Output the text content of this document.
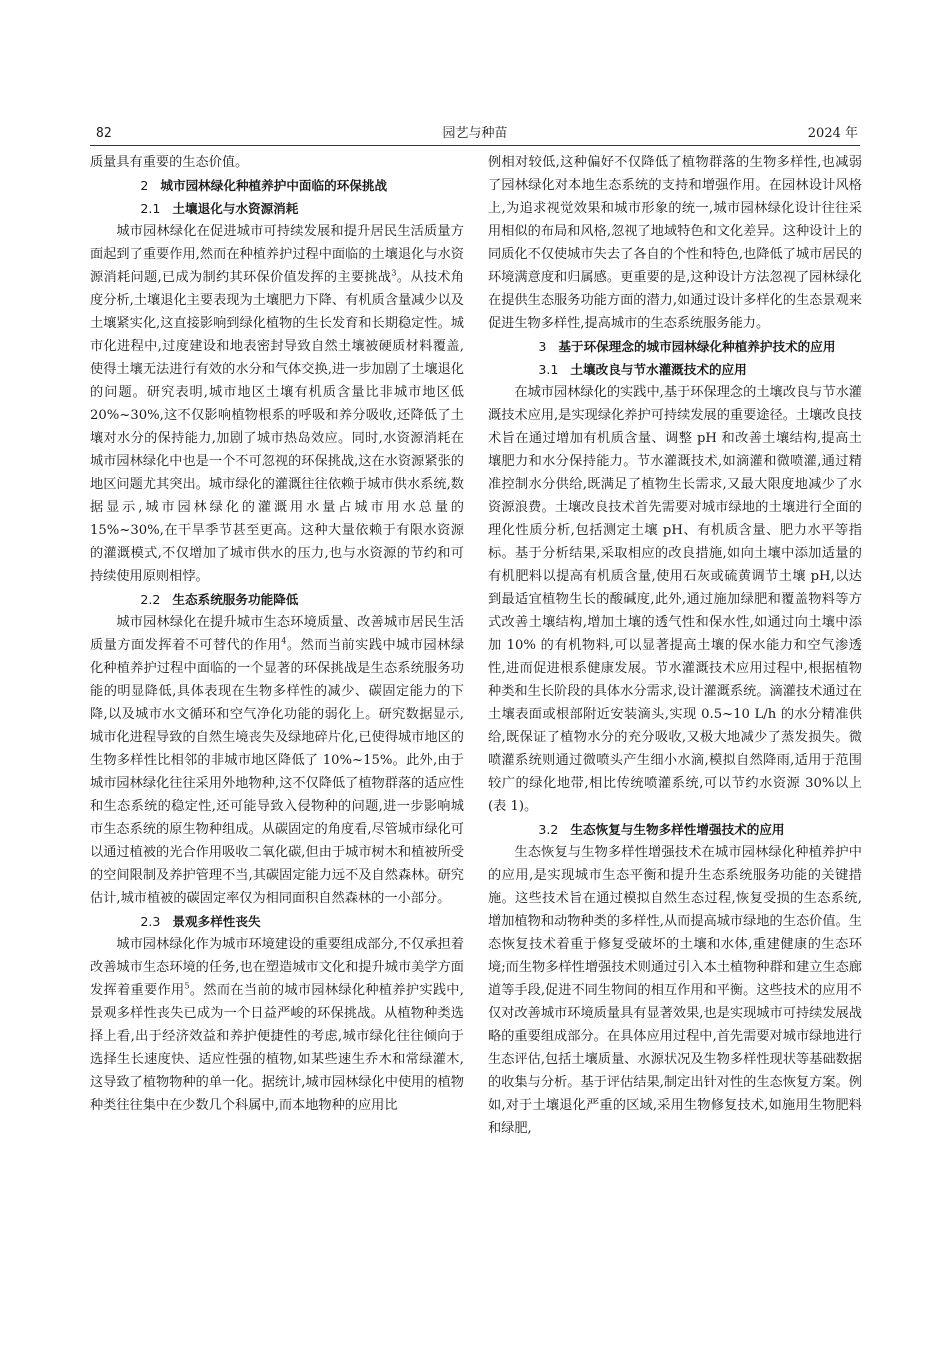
82	园艺与种苗	2024 年

质量具有重要的生态价值。

2 城市园林绿化种植养护中面临的环保挑战

2.1 土壤退化与水资源消耗

城市园林绿化在促进城市可持续发展和提升居民生活质量方面起到了重要作用,然而在种植养护过程中面临的土壤退化与水资源消耗问题,已成为制约其环保价值发挥的主要挑战$^3$。从技术角度分析,土壤退化主要表现为土壤肥力下降、有机质含量减少以及土壤紧实化,这直接影响到绿化植物的生长发育和长期稳定性。城市化进程中,过度建设和地表密封导致自然土壤被硬质材料覆盖,使得土壤无法进行有效的水分和气体交换,进一步加剧了土壤退化的问题。研究表明,城市地区土壤有机质含量比非城市地区低 20%~30%,这不仅影响植物根系的呼吸和养分吸收,还降低了土壤对水分的保持能力,加剧了城市热岛效应。同时,水资源消耗在城市园林绿化中也是一个不可忽视的环保挑战,这在水资源紧张的地区问题尤其突出。城市绿化的灌溉往往依赖于城市供水系统,数据显示,城市园林绿化的灌溉用水量占城市用水总量的 15%~30%,在干旱季节甚至更高。这种大量依赖于有限水资源的灌溉模式,不仅增加了城市供水的压力,也与水资源的节约和可持续使用原则相悖。

2.2 生态系统服务功能降低

城市园林绿化在提升城市生态环境质量、改善城市居民生活质量方面发挥着不可替代的作用$^4$。然而当前实践中城市园林绿化种植养护过程中面临的一个显著的环保挑战是生态系统服务功能的明显降低,具体表现在生物多样性的减少、碳固定能力的下降,以及城市水文循环和空气净化功能的弱化上。研究数据显示,城市化进程导致的自然生境丧失及绿地碎片化,已使得城市地区的生物多样性比相邻的非城市地区降低了 10%~15%。此外,由于城市园林绿化往往采用外地物种,这不仅降低了植物群落的适应性和生态系统的稳定性,还可能导致入侵物种的问题,进一步影响城市生态系统的原生物种组成。从碳固定的角度看,尽管城市绿化可以通过植被的光合作用吸收二氧化碳,但由于城市树木和植被所受的空间限制及养护管理不当,其碳固定能力远不及自然森林。研究估计,城市植被的碳固定率仅为相同面积自然森林的一小部分。

2.3 景观多样性丧失

城市园林绿化作为城市环境建设的重要组成部分,不仅承担着改善城市生态环境的任务,也在塑造城市文化和提升城市美学方面发挥着重要作用$^5$。然而在当前的城市园林绿化种植养护实践中,景观多样性丧失已成为一个日益严峻的环保挑战。从植物种类选择上看,出于经济效益和养护便捷性的考虑,城市绿化往往倾向于选择生长速度快、适应性强的植物,如某些速生乔木和常绿灌木,这导致了植物物种的单一化。据统计,城市园林绿化中使用的植物种类往往集中在少数几个科属中,而本地物种的应用比

例相对较低,这种偏好不仅降低了植物群落的生物多样性,也减弱了园林绿化对本地生态系统的支持和增强作用。在园林设计风格上,为追求视觉效果和城市形象的统一,城市园林绿化设计往往采用相似的布局和风格,忽视了地域特色和文化差异。这种设计上的同质化不仅使城市失去了各自的个性和特色,也降低了城市居民的环境满意度和归属感。更重要的是,这种设计方法忽视了园林绿化在提供生态服务功能方面的潜力,如通过设计多样化的生态景观来促进生物多样性,提高城市的生态系统服务能力。

3 基于环保理念的城市园林绿化种植养护技术的应用

3.1 土壤改良与节水灌溉技术的应用

在城市园林绿化的实践中,基于环保理念的土壤改良与节水灌溉技术应用,是实现绿化养护可持续发展的重要途径。土壤改良技术旨在通过增加有机质含量、调整 pH 和改善土壤结构,提高土壤肥力和水分保持能力。节水灌溉技术,如滴灌和微喷灌,通过精准控制水分供给,既满足了植物生长需求,又最大限度地减少了水资源浪费。土壤改良技术首先需要对城市绿地的土壤进行全面的理化性质分析,包括测定土壤 pH、有机质含量、肥力水平等指标。基于分析结果,采取相应的改良措施,如向土壤中添加适量的有机肥料以提高有机质含量,使用石灰或硫黄调节土壤 pH,以达到最适宜植物生长的酸碱度,此外,通过施加绿肥和覆盖物料等方式改善土壤结构,增加土壤的透气性和保水性,如通过向土壤中添加 10% 的有机物料,可以显著提高土壤的保水能力和空气渗透性,进而促进根系健康发展。节水灌溉技术应用过程中,根据植物种类和生长阶段的具体水分需求,设计灌溉系统。滴灌技术通过在土壤表面或根部附近安装滴头,实现 0.5~10 L/h 的水分精准供给,既保证了植物水分的充分吸收,又极大地减少了蒸发损失。微喷灌系统则通过微喷头产生细小水滴,模拟自然降雨,适用于范围较广的绿化地带,相比传统喷灌系统,可以节约水资源 30%以上(表 1)。

3.2 生态恢复与生物多样性增强技术的应用

生态恢复与生物多样性增强技术在城市园林绿化种植养护中的应用,是实现城市生态平衡和提升生态系统服务功能的关键措施。这些技术旨在通过模拟自然生态过程,恢复受损的生态系统,增加植物和动物种类的多样性,从而提高城市绿地的生态价值。生态恢复技术着重于修复受破坏的土壤和水体,重建健康的生态环境;而生物多样性增强技术则通过引入本土植物种群和建立生态廊道等手段,促进不同生物间的相互作用和平衡。这些技术的应用不仅对改善城市环境质量具有显著效果,也是实现城市可持续发展战略的重要组成部分。在具体应用过程中,首先需要对城市绿地进行生态评估,包括土壤质量、水源状况及生物多样性现状等基础数据的收集与分析。基于评估结果,制定出针对性的生态恢复方案。例如,对于土壤退化严重的区域,采用生物修复技术,如施用生物肥料和绿肥,
